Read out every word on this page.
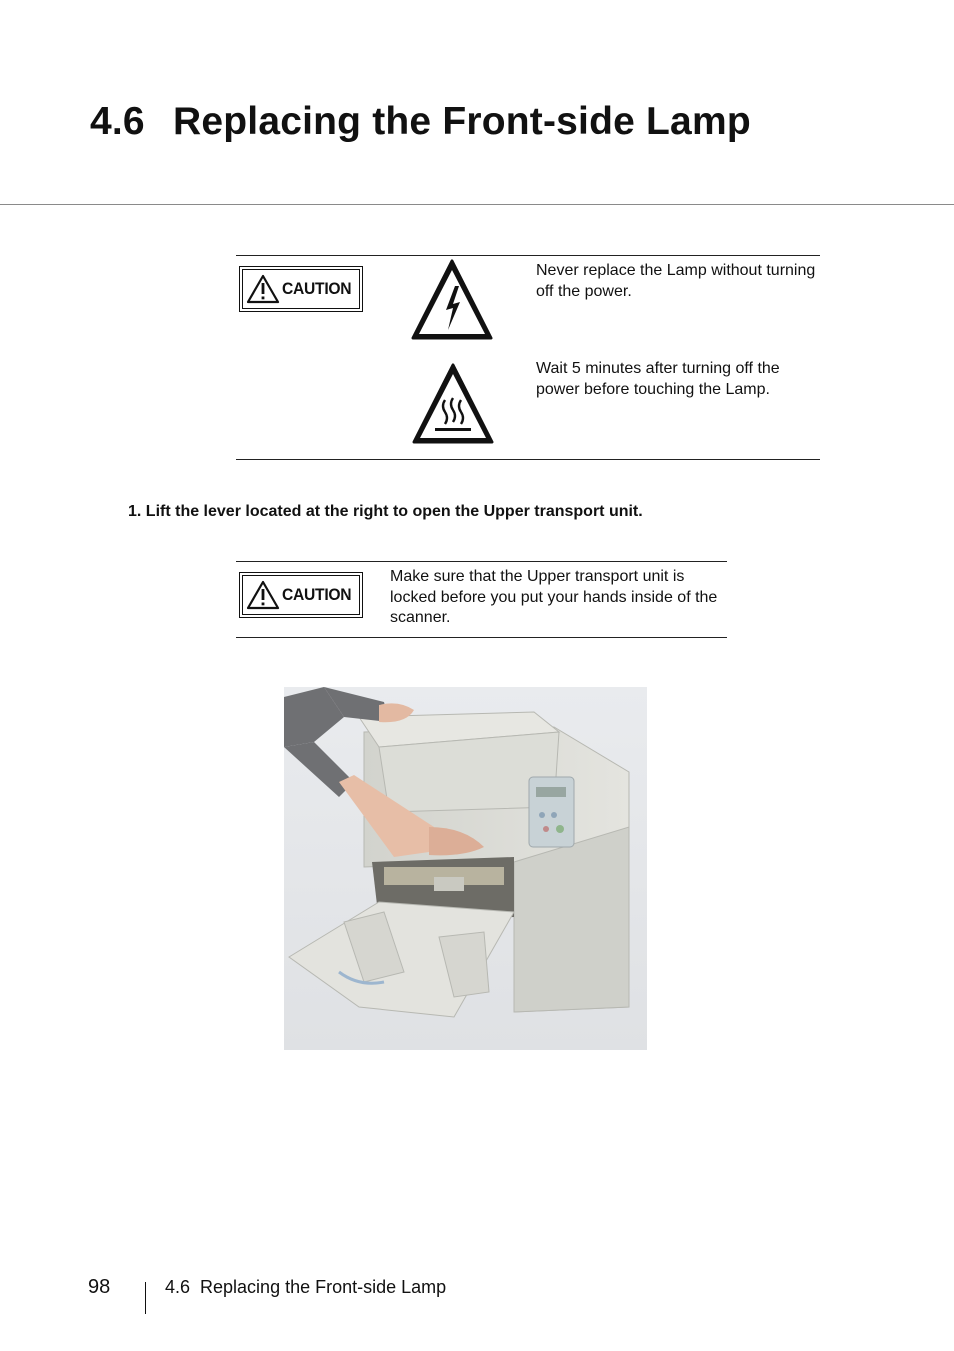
4.6 Replacing the Front-side Lamp
CAUTION

Never replace the Lamp without turning off the power.

Wait 5 minutes after turning off the power before touching the Lamp.

1. Lift the lever located at the right to open the Upper transport unit.

CAUTION

Make sure that the Upper transport unit is locked before you put your hands inside of the scanner.

98	4.6  Replacing the Front-side Lamp
